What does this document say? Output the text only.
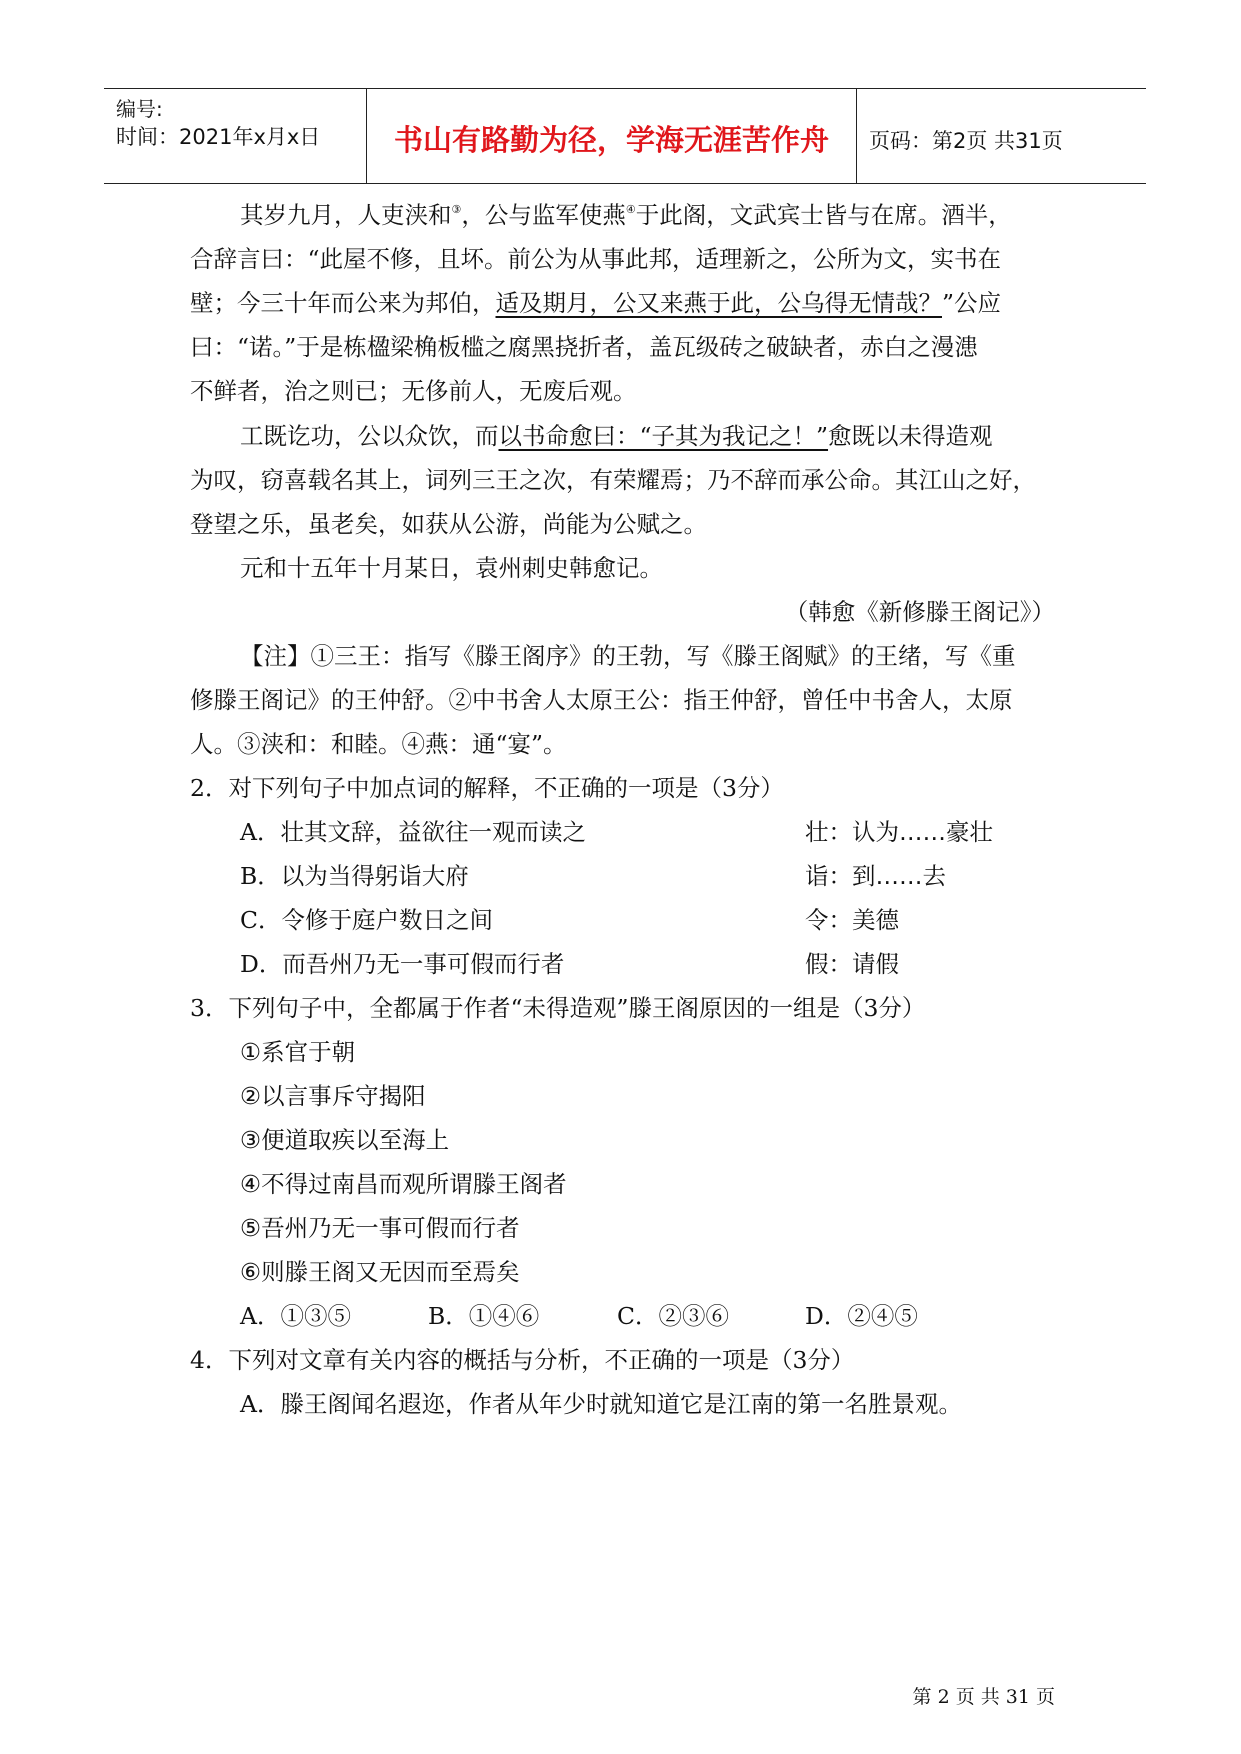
编号:
时间：2021年x月x日	书山有路勤为径，学海无涯苦作舟	页码：第2页 共31页
其岁九月，人吏浃和③，公与监军使燕④于此阁，文武宾士皆与在席。酒半，
合辞言曰：“此屋不修，且坏。前公为从事此邦，适理新之，公所为文，实书在
壁；今三十年而公来为邦伯，适及期月，公又来燕于此，公乌得无情哉？”公应
曰：“诺。”于是栋楹梁桷板槛之腐黑挠折者，盖瓦级砖之破缺者，赤白之漫漶
不鲜者，治之则已；无侈前人，无废后观。
工既讫功，公以众饮，而以书命愈曰：“子其为我记之！”愈既以未得造观
为叹，窃喜载名其上，词列三王之次，有荣耀焉；乃不辞而承公命。其江山之好，
登望之乐，虽老矣，如获从公游，尚能为公赋之。
元和十五年十月某日，袁州刺史韩愈记。
（韩愈《新修滕王阁记》）
【注】①三王：指写《滕王阁序》的王勃，写《滕王阁赋》的王绪，写《重
修滕王阁记》的王仲舒。②中书舍人太原王公：指王仲舒，曾任中书舍人，太原
人。③浃和：和睦。④燕：通“宴”。
2．对下列句子中加点词的解释，不正确的一项是（3分）
A．壮其文辞，益欲往一观而读之	壮：认为……豪壮
B．以为当得躬诣大府	诣：到……去
C．令修于庭户数日之间	令：美德
D．而吾州乃无一事可假而行者	假：请假
3．下列句子中，全都属于作者“未得造观”滕王阁原因的一组是（3分）
①系官于朝
②以言事斥守揭阳
③便道取疾以至海上
④不得过南昌而观所谓滕王阁者
⑤吾州乃无一事可假而行者
⑥则滕王阁又无因而至焉矣
A．①③⑤	B．①④⑥	C．②③⑥	D．②④⑤
4．下列对文章有关内容的概括与分析，不正确的一项是（3分）
A．滕王阁闻名遐迩，作者从年少时就知道它是江南的第一名胜景观。
第 2 页 共 31 页
